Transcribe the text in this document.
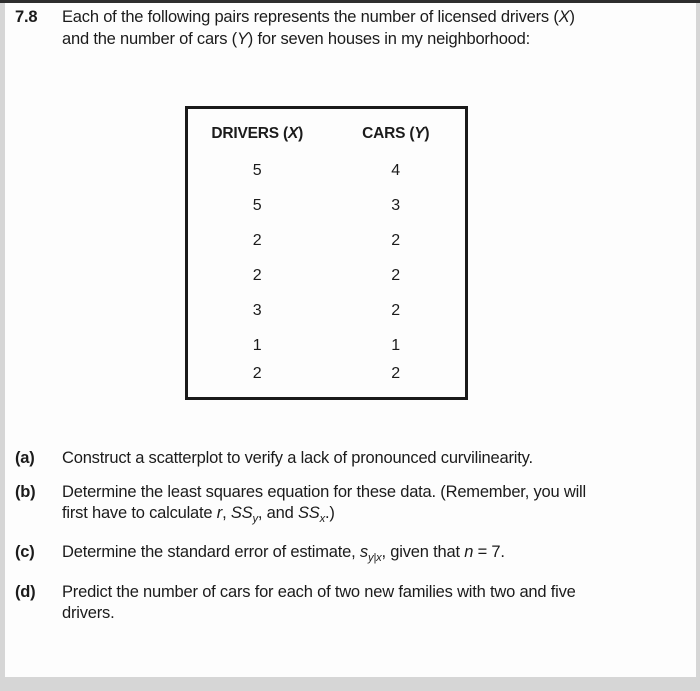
7.8	Each of the following pairs represents the number of licensed drivers (X)
and the number of cars (Y) for seven houses in my neighborhood:
DRIVERS (X)	CARS (Y)
5	4
5	3
2	2
2	2
3	2
1	1
2	2
(a)	Construct a scatterplot to verify a lack of pronounced curvilinearity.
(b)	Determine the least squares equation for these data. (Remember, you will
first have to calculate r, $SS_y$, and $SS_x$.)
(c)	Determine the standard error of estimate, $s_{y|x}$, given that n = 7.
(d)	Predict the number of cars for each of two new families with two and five
drivers.
